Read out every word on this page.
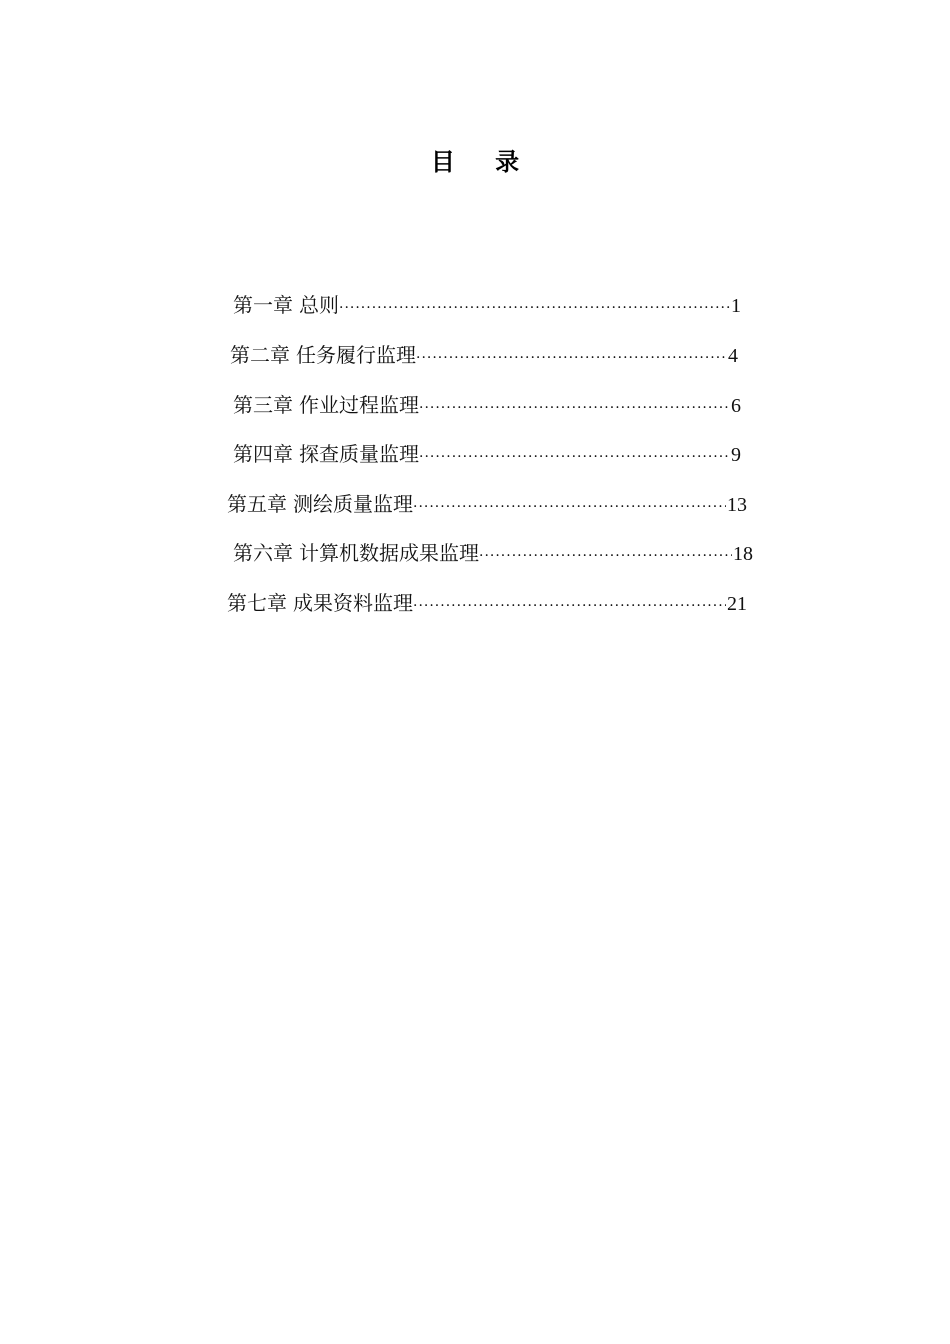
目 录
第一章 总则 ·····	1
第二章 任务履行监理 ·····	4
第三章 作业过程监理 ·····	6
第四章 探查质量监理 ·····	9
第五章 测绘质量监理 ·····	13
第六章 计算机数据成果监理 ·····	18
第七章 成果资料监理 ·····	21
